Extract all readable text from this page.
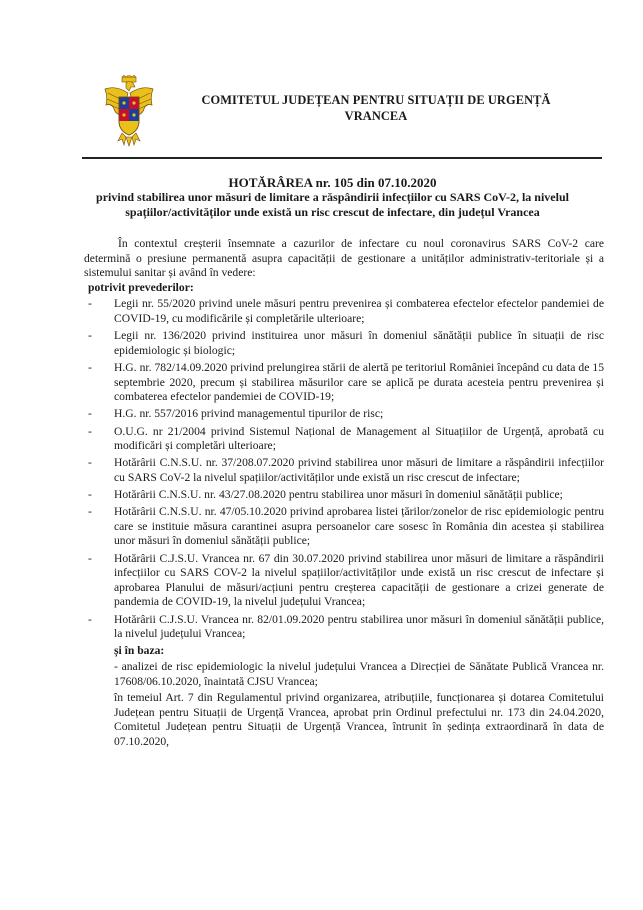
COMITETUL JUDEȚEAN PENTRU SITUAȚII DE URGENȚĂ
VRANCEA
HOTĂRÂREA nr. 105 din 07.10.2020
privind stabilirea unor măsuri de limitare a răspândirii infecțiilor cu SARS CoV-2, la nivelul
spațiilor/activităților unde există un risc crescut de infectare, din județul Vrancea

În contextul creșterii însemnate a cazurilor de infectare cu noul coronavirus SARS CoV-2 care determină o presiune permanentă asupra capacității de gestionare a unităților administrativ-teritoriale și a sistemului sanitar și având în vedere:

potrivit prevederilor:
- Legii nr. 55/2020 privind unele măsuri pentru prevenirea și combaterea efectelor efectelor pandemiei de COVID-19, cu modificările și completările ulterioare;
- Legii nr. 136/2020 privind instituirea unor măsuri în domeniul sănătății publice în situații de risc epidemiologic și biologic;
- H.G. nr. 782/14.09.2020 privind prelungirea stării de alertă pe teritoriul României începând cu data de 15 septembrie 2020, precum și stabilirea măsurilor care se aplică pe durata acesteia pentru prevenirea și combaterea efectelor pandemiei de COVID-19;
- H.G. nr. 557/2016 privind managementul tipurilor de risc;
- O.U.G. nr 21/2004 privind Sistemul Național de Management al Situațiilor de Urgență, aprobată cu modificări și completări ulterioare;
- Hotărârii C.N.S.U. nr. 37/208.07.2020 privind stabilirea unor măsuri de limitare a răspândirii infecțiilor cu SARS CoV-2 la nivelul spațiilor/activităților unde există un risc crescut de infectare;
- Hotărârii C.N.S.U. nr. 43/27.08.2020 pentru stabilirea unor măsuri în domeniul sănătății publice;
- Hotărârii C.N.S.U. nr. 47/05.10.2020 privind aprobarea listei țărilor/zonelor de risc epidemiologic pentru care se instituie măsura carantinei asupra persoanelor care sosesc în România din acestea și stabilirea unor măsuri în domeniul sănătății publice;
- Hotărârii C.J.S.U. Vrancea nr. 67 din 30.07.2020 privind stabilirea unor măsuri de limitare a răspândirii infecțiilor cu SARS COV-2 la nivelul spațiilor/activităților unde există un risc crescut de infectare și aprobarea Planului de măsuri/acțiuni pentru creșterea capacității de gestionare a crizei generate de pandemia de COVID-19, la nivelul județului Vrancea;
- Hotărârii C.J.S.U. Vrancea nr. 82/01.09.2020 pentru stabilirea unor măsuri în domeniul sănătății publice, la nivelul județului Vrancea;
și în baza:

- analizei de risc epidemiologic la nivelul județului Vrancea a Direcției de Sănătate Publică Vrancea nr. 17608/06.10.2020, înaintată CJSU Vrancea;

în temeiul Art. 7 din Regulamentul privind organizarea, atribuțiile, funcționarea și dotarea Comitetului Județean pentru Situații de Urgență Vrancea, aprobat prin Ordinul prefectului nr. 173 din 24.04.2020, Comitetul Județean pentru Situații de Urgență Vrancea, întrunit în ședința extraordinară în data de 07.10.2020,
